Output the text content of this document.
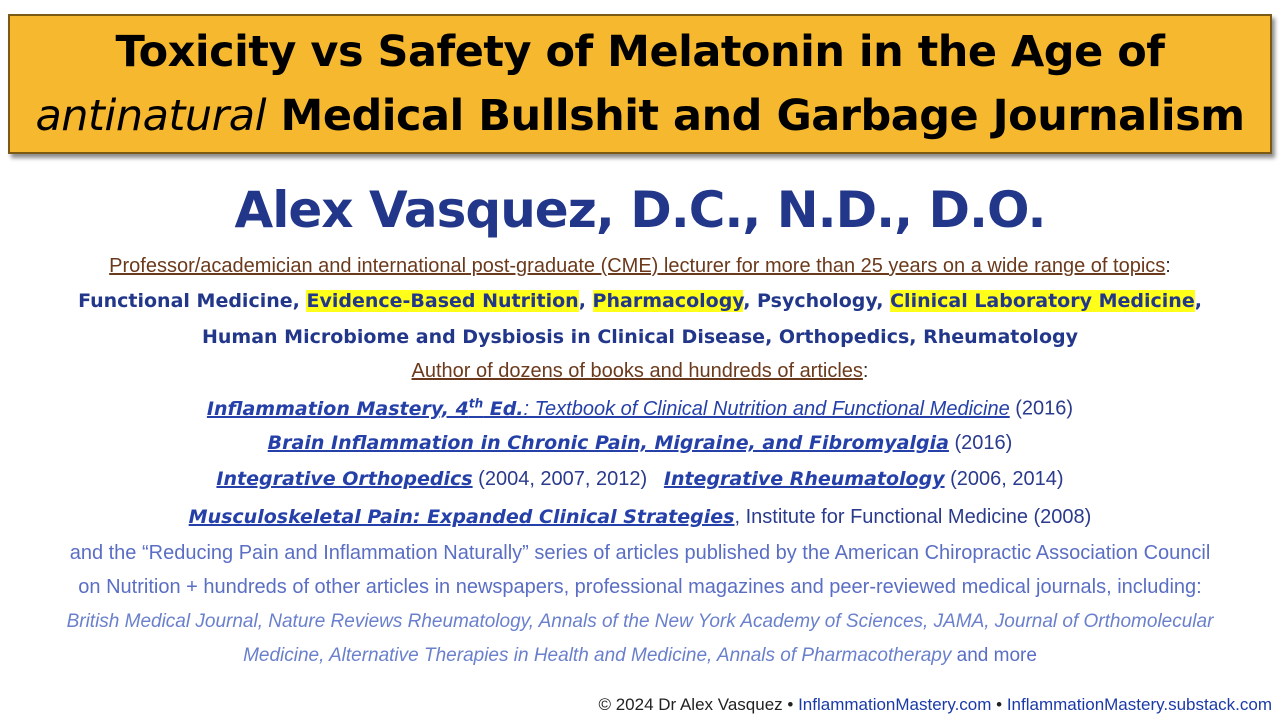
Toxicity vs Safety of Melatonin in the Age of
antinatural Medical Bullshit and Garbage Journalism
Alex Vasquez, D.C., N.D., D.O.
Professor/academician and international post-graduate (CME) lecturer for more than 25 years on a wide range of topics:
Functional Medicine, Evidence-Based Nutrition, Pharmacology, Psychology, Clinical Laboratory Medicine,
Human Microbiome and Dysbiosis in Clinical Disease, Orthopedics, Rheumatology
Author of dozens of books and hundreds of articles:
Inflammation Mastery, 4th Ed.: Textbook of Clinical Nutrition and Functional Medicine (2016)
Brain Inflammation in Chronic Pain, Migraine, and Fibromyalgia (2016)
Integrative Orthopedics (2004, 2007, 2012) Integrative Rheumatology (2006, 2014)
Musculoskeletal Pain: Expanded Clinical Strategies, Institute for Functional Medicine (2008)
and the “Reducing Pain and Inflammation Naturally” series of articles published by the American Chiropractic Association Council
on Nutrition + hundreds of other articles in newspapers, professional magazines and peer-reviewed medical journals, including:
British Medical Journal, Nature Reviews Rheumatology, Annals of the New York Academy of Sciences, JAMA, Journal of Orthomolecular
Medicine, Alternative Therapies in Health and Medicine, Annals of Pharmacotherapy and more
© 2024 Dr Alex Vasquez • InflammationMastery.com • InflammationMastery.substack.com
